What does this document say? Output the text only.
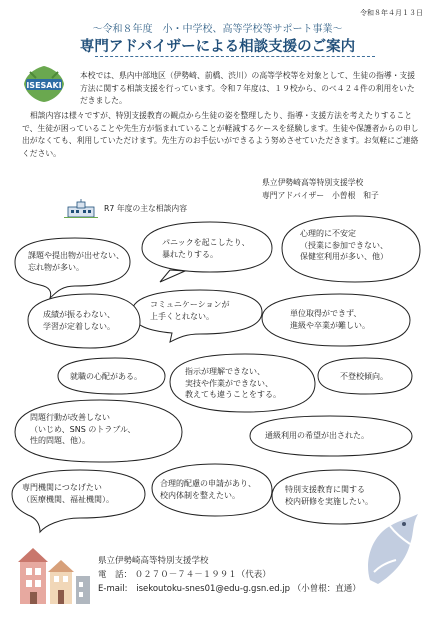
令和８年４月１３日
～令和８年度　小・中学校、高等学校等サポート事業～
専門アドバイザーによる相談支援のご案内
ISESAKI
本校では、県内中部地区（伊勢崎、前橋、渋川）の高等学校等を対象として、生徒の指導・支援方法に関する相談支援を行っています。令和７年度は、１９校から、のべ４２４件の利用をいただきました。
相談内容は様々ですが、特別支援教育の観点から生徒の姿を整理したり、指導・支援方法を考えたりすることで、生徒が困っていることや先生方が悩まれていることが軽減するケースを経験します。生徒や保護者からの申し出がなくても、利用していただけます。先生方のお手伝いができるよう努めさせていただきます。お気軽にご連絡ください。
県立伊勢崎高等特別支援学校
専門アドバイザー　小曽根　和子
R7 年度の主な相談内容
課題や提出物が出せない、
忘れ物が多い。
パニックを起こしたり、
暴れたりする。
心理的に不安定
（授業に参加できない、
保健室利用が多い、他）
コミュニケーションが
上手くとれない。
成績が振るわない、
学習が定着しない。
単位取得ができず、
進級や卒業が難しい。
就職の心配がある。
指示が理解できない、
実技や作業ができない、
教えても違うことをする。
不登校傾向。
問題行動が改善しない
（いじめ、SNS のトラブル、
性的問題、他）。
通級利用の希望が出された。
専門機関につなげたい
（医療機関、福祉機関）。
合理的配慮の申請があり、
校内体制を整えたい。
特別支援教育に関する
校内研修を実施したい。
県立伊勢崎高等特別支援学校
電　話： ０２７０－７４－１９９１（代表）
E-mail: isekoutoku-snes01@edu-g.gsn.ed.jp （小曽根：直通）
